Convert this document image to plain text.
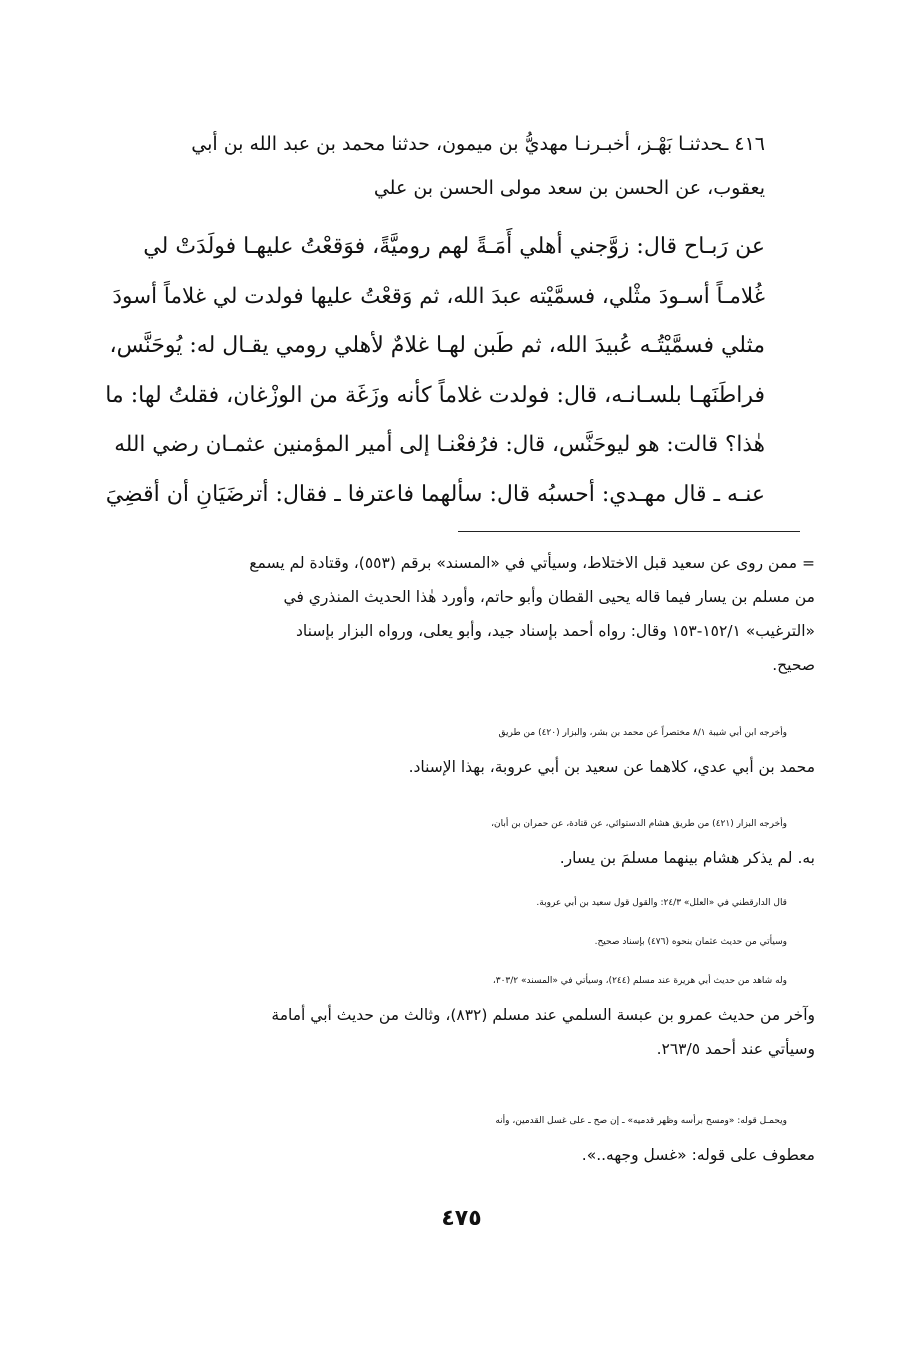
٤١٦ ـحدثنـا بَهْـز، أخبـرنـا مهديُّ بن ميمون، حدثنا محمد بن عبد الله بن أبي

يعقوب، عن الحسن بن سعد مولى الحسن بن علي

عن رَبـاح قال: زوَّجني أهلي أَمَـةً لهم روميَّةً، فوَقعْتُ عليهـا فولَدَتْ لي

غُلامـاً أسـودَ مثْلي، فسمَّيْته عبدَ الله، ثم وَقعْتُ عليها فولدت لي غلاماً أسودَ

مثلي فسمَّيْتُـه عُبيدَ الله، ثم طَبن لهـا غلامٌ لأهلي رومي يقـال له: يُوحَنَّس،

فراطَنَهـا بلسـانـه، قال: فولدت غلاماً كأنه وزَغَة من الوزْغان، فقلتُ لها: ما

هٰذا؟ قالت: هو ليوحَنَّس، قال: فرُفعْنـا إلى أمير المؤمنين عثمـان رضي الله

عنـه ـ قال مهـدي: أحسبُه قال: سألهما فاعترفا ـ فقال: أترضَيَانِ أن أقضِيَ

= ممن روى عن سعيد قبل الاختلاط، وسيأتي في «المسند» برقم (٥٥٣)، وقتادة لم يسمع

من مسلم بن يسار فيما قاله يحيى القطان وأبو حاتم، وأورد هٰذا الحديث المنذري في

«الترغيب» ١٥٢/١-١٥٣ وقال: رواه أحمد بإسناد جيد، وأبو يعلى، ورواه البزار بإسناد

صحيح.

وأخرجه ابن أبي شيبة ٨/١ مختصراً عن محمد بن بشر، والبزار (٤٢٠) من طريق

محمد بن أبي عدي، كلاهما عن سعيد بن أبي عروبة، بهذا الإسناد.

وأخرجه البزار (٤٢١) من طريق هشام الدستوائي، عن قتادة، عن حمران بن أبان،

به. لم يذكر هشام بينهما مسلمَ بن يسار.

قال الدارقطني في «العلل» ٢٤/٣: والقول قول سعيد بن أبي عروبة.

وسيأتي من حديث عثمان بنحوه (٤٧٦) بإسناد صحيح.

وله شاهد من حديث أبي هريرة عند مسلم (٢٤٤)، وسيأتي في «المسند» ٣٠٣/٢،

وآخر من حديث عمرو بن عبسة السلمي عند مسلم (٨٣٢)، وثالث من حديث أبي أمامة

وسيأتي عند أحمد ٢٦٣/٥.

ويحمـل قوله: «ومسح برأسه وظهر قدميه» ـ إن صح ـ على غسل القدمين، وأنه

معطوف على قوله: «غسل وجهه..».

٤٧٥
